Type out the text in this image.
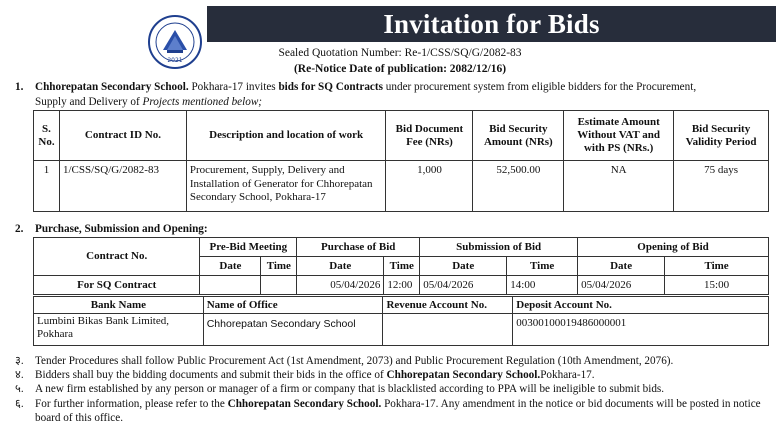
2021
Invitation for Bids
Sealed Quotation Number: Re-1/CSS/SQ/G/2082-83
(Re-Notice Date of publication: 2082/12/16)
1. Chhorepatan Secondary School. Pokhara-17 invites bids for SQ Contracts under procurement system from eligible bidders for the Procurement,
Supply and Delivery of Projects mentioned below;
S. No.	Contract ID No.	Description and location of work	Bid Document Fee (NRs)	Bid Security Amount (NRs)	Estimate Amount Without VAT and with PS (NRs.)	Bid Security Validity Period
1	1/CSS/SQ/G/2082-83	Procurement, Supply, Delivery and Installation of Generator for Chhorepatan Secondary School, Pokhara-17	1,000	52,500.00	NA	75 days
2. Purchase, Submission and Opening:
Contract No.	Pre-Bid Meeting		Purchase of Bid		Submission of Bid		Opening of Bid	
	Date	Time	Date	Time	Date	Time	Date	Time
For SQ Contract			05/04/2026	12:00	05/04/2026	14:00	05/04/2026	15:00
Bank Name	Name of Office	Revenue Account No.	Deposit Account No.
Lumbini Bikas Bank Limited, Pokhara	Chhorepatan Secondary School		00300100019486000001
३.	Tender Procedures shall follow Public Procurement Act (1st Amendment, 2073) and Public Procurement Regulation (10th Amendment, 2076).
४.	Bidders shall buy the bidding documents and submit their bids in the office of Chhorepatan Secondary School.Pokhara-17.
५.	A new firm established by any person or manager of a firm or company that is blacklisted according to PPA will be ineligible to submit bids.
६.	For further information, please refer to the Chhorepatan Secondary School. Pokhara-17. Any amendment in the notice or bid documents will be posted in notice board of this office.
